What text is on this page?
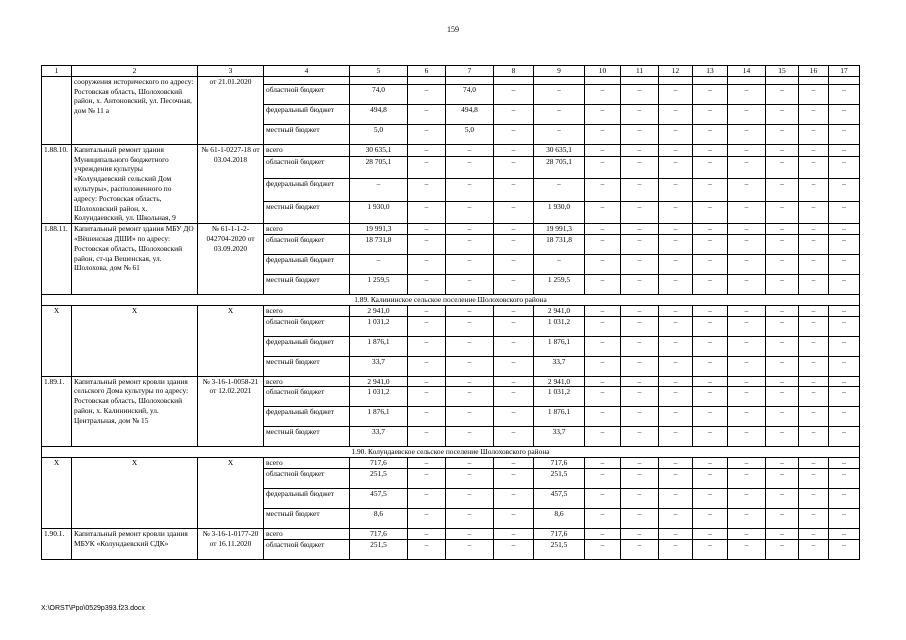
159
1	2	3	4	5	6	7	8	9	10	11	12	13	14	15	16	17
	сооружения исторического по адресу: Ростовская область, Шолоховский район, х. Антоновский, ул. Песочная, дом № 11 а	от 21.01.2020														
			областной бюджет	74,0	–	74,0	–	–	–	–	–	–	–	–	–	–
			федеральный бюджет	494,8	–	494,8	–	–	–	–	–	–	–	–	–	–
			местный бюджет	5,0	–	5,0	–	–	–	–	–	–	–	–	–	–
1.88.10.	Капитальный ремонт здания Муниципального бюджетного учреждения культуры «Колундаевский сельский Дом культуры», расположенного по адресу: Ростовская область, Шолоховский район, х. Колундаевский, ул. Школьная, 9	№ 61-1-0227-18 от 03.04.2018	всего	30 635,1	–	–	–	30 635,1	–	–	–	–	–	–	–	–
			областной бюджет	28 705,1	–	–	–	28 705,1	–	–	–	–	–	–	–	–
			федеральный бюджет	–	–	–	–	–	–	–	–	–	–	–	–	–
			местный бюджет	1 930,0	–	–	–	1 930,0	–	–	–	–	–	–	–	–
1.88.11.	Капитальный ремонт здания МБУ ДО «Вёшенская ДШИ» по адресу: Ростовская область, Шолоховский район, ст-ца Вешенская, ул. Шолохова, дом № 61	№ 61-1-1-2-042704-2020 от 03.09.2020	всего	19 991,3	–	–	–	19 991,3	–	–	–	–	–	–	–	–
			областной бюджет	18 731,8	–	–	–	18 731,8	–	–	–	–	–	–	–	–
			федеральный бюджет	–	–	–	–	–	–	–	–	–	–	–	–	–
			местный бюджет	1 259,5	–	–	–	1 259,5	–	–	–	–	–	–	–	–
1.89. Калининское сельское поселение Шолоховского района																
X	X	X	всего	2 941,0	–	–	–	2 941,0	–	–	–	–	–	–	–	–
			областной бюджет	1 031,2	–	–	–	1 031,2	–	–	–	–	–	–	–	–
			федеральный бюджет	1 876,1	–	–	–	1 876,1	–	–	–	–	–	–	–	–
			местный бюджет	33,7	–	–	–	33,7	–	–	–	–	–	–	–	–
1.89.1.	Капитальный ремонт кровли здания сельского Дома культуры по адресу: Ростовская область, Шолоховский район, х. Калининский, ул. Центральная, дом № 15	№ 3-16-1-0058-21 от 12.02.2021	всего	2 941,0	–	–	–	2 941,0	–	–	–	–	–	–	–	–
			областной бюджет	1 031,2	–	–	–	1 031,2	–	–	–	–	–	–	–	–
			федеральный бюджет	1 876,1	–	–	–	1 876,1	–	–	–	–	–	–	–	–
			местный бюджет	33,7	–	–	–	33,7	–	–	–	–	–	–	–	–
1.90. Колундаевское сельское поселение Шолоховского района																
X	X	X	всего	717,6	–	–	–	717,6	–	–	–	–	–	–	–	–
			областной бюджет	251,5	–	–	–	251,5	–	–	–	–	–	–	–	–
			федеральный бюджет	457,5	–	–	–	457,5	–	–	–	–	–	–	–	–
			местный бюджет	8,6	–	–	–	8,6	–	–	–	–	–	–	–	–
1.90.1.	Капитальный ремонт кровли здания МБУК «Колундаевский СДК»	№ 3-16-1-0177-20 от 16.11.2020	всего	717,6	–	–	–	717,6	–	–	–	–	–	–	–	–
			областной бюджет	251,5	–	–	–	251,5	–	–	–	–	–	–	–	–
X:\ORST\Ppo\0529p393.f23.docx
